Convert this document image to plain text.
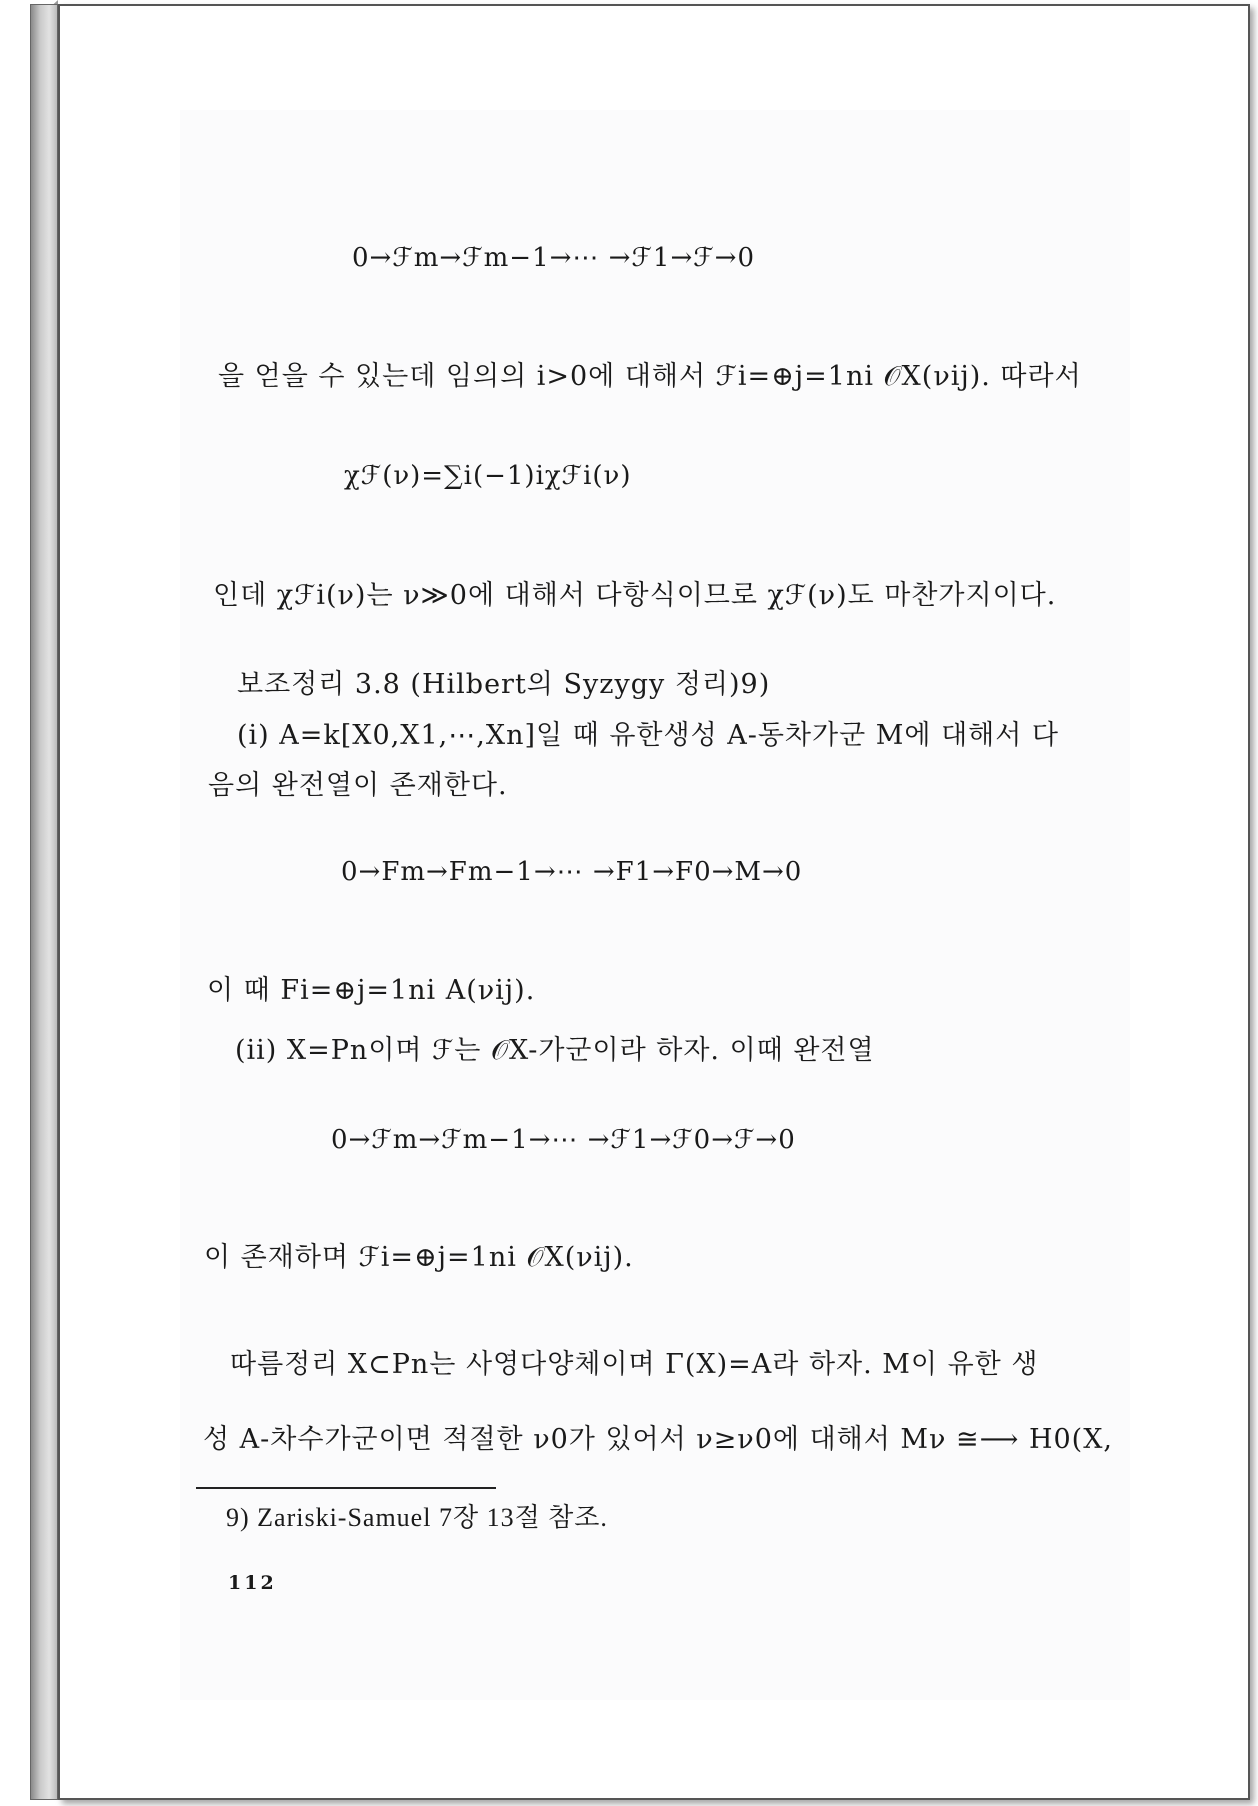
0→ℱm→ℱm−1→⋯ →ℱ1→ℱ→0
을 얻을 수 있는데 임의의 i>0에 대해서 ℱi=⊕j=1ni 𝒪X(νij). 따라서
χℱ(ν)=∑i(−1)iχℱi(ν)
인데 χℱi(ν)는 ν≫0에 대해서 다항식이므로 χℱ(ν)도 마찬가지이다.
보조정리 3.8 (Hilbert의 Syzygy 정리)9)
(i) A=k[X0,X1,⋯,Xn]일 때 유한생성 A-동차가군 M에 대해서 다
음의 완전열이 존재한다.
0→Fm→Fm−1→⋯ →F1→F0→M→0
이 때 Fi=⊕j=1ni A(νij).
(ii) X=Pn이며 ℱ는 𝒪X-가군이라 하자. 이때 완전열
0→ℱm→ℱm−1→⋯ →ℱ1→ℱ0→ℱ→0
이 존재하며 ℱi=⊕j=1ni 𝒪X(νij).
따름정리 X⊂Pn는 사영다양체이며 Γ(X)=A라 하자. M이 유한 생
성 A-차수가군이면 적절한 ν0가 있어서 ν≥ν0에 대해서 Mν ≅⟶ H0(X,
9) Zariski-Samuel 7장 13절 참조.
112
